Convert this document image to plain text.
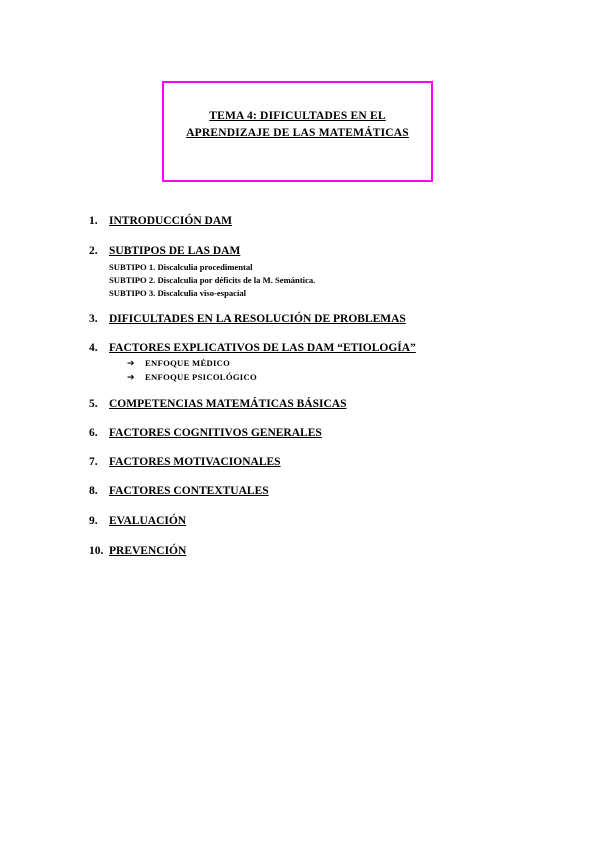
TEMA 4: DIFICULTADES EN EL
APRENDIZAJE DE LAS MATEMÁTICAS
1. INTRODUCCIÓN DAM
2. SUBTIPOS DE LAS DAM
SUBTIPO 1. Discalculia procedimental
SUBTIPO 2. Discalculia por déficits de la M. Semántica.
SUBTIPO 3. Discalculia viso-espacial
3. DIFICULTADES EN LA RESOLUCIÓN DE PROBLEMAS
4. FACTORES EXPLICATIVOS DE LAS DAM “ETIOLOGÍA”
➔ ENFOQUE MÉDICO
➔ ENFOQUE PSICOLÓGICO
5. COMPETENCIAS MATEMÁTICAS BÁSICAS
6. FACTORES COGNITIVOS GENERALES
7. FACTORES MOTIVACIONALES
8. FACTORES CONTEXTUALES
9. EVALUACIÓN
10. PREVENCIÓN
